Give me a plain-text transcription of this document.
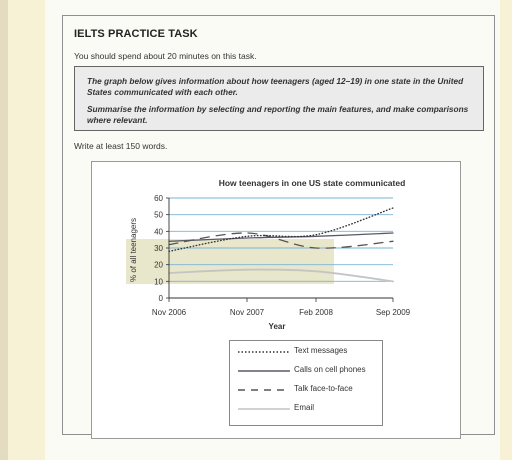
IELTS PRACTICE TASK
You should spend about 20 minutes on this task.

The graph below gives information about how teenagers (aged 12–19) in one state in the United States communicated with each other.

Summarise the information by selecting and reporting the main features, and make comparisons where relevant.

Write at least 150 words.
How teenagers in one US state communicated
Year
% of all teenagers
0
10
20
30
40
50
60
Nov 2006	Nov 2007	Feb 2008	Sep 2009
Text messages
Calls on cell phones
Talk face-to-face
Email
